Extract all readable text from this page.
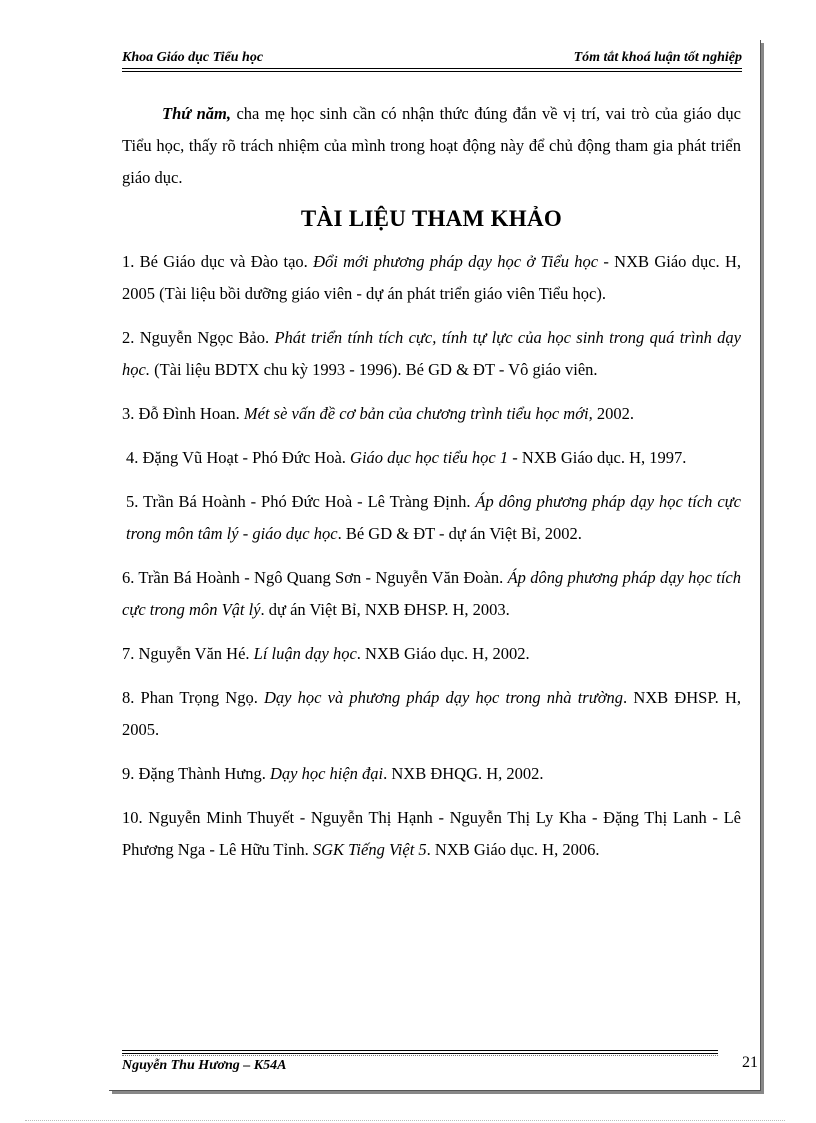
Khoa Giáo dục Tiểu học	Tóm tắt khoá luận tốt nghiệp

Thứ năm, cha mẹ học sinh cần có nhận thức đúng đắn về vị trí, vai trò của giáo dục Tiểu học, thấy rõ trách nhiệm của mình trong hoạt động này để chủ động tham gia phát triển giáo dục.

TÀI LIỆU THAM KHẢO

1. Bé Giáo dục và Đào tạo. Đổi mới phương pháp dạy học ở Tiểu học - NXB Giáo dục. H, 2005 (Tài liệu bồi dưỡng giáo viên - dự án phát triển giáo viên Tiểu học).

2. Nguyễn Ngọc Bảo. Phát triển tính tích cực, tính tự lực của học sinh trong quá trình dạy học. (Tài liệu BDTX chu kỳ 1993 - 1996). Bé GD & ĐT - Vô giáo viên.

3. Đỗ Đình Hoan. Mét sè vấn đề cơ bản của chương trình tiểu học mới, 2002.

4. Đặng Vũ Hoạt - Phó Đức Hoà. Giáo dục học tiểu học 1 - NXB Giáo dục. H, 1997.

5. Trần Bá Hoành - Phó Đức Hoà - Lê Tràng Định. Áp dông phương pháp dạy học tích cực trong môn tâm lý - giáo dục học. Bé GD & ĐT - dự án Việt Bỉ, 2002.

6. Trần Bá Hoành - Ngô Quang Sơn - Nguyễn Văn Đoàn. Áp dông phương pháp dạy học tích cực trong môn Vật lý. dự án Việt Bỉ, NXB ĐHSP. H, 2003.

7. Nguyễn Văn Hé. Lí luận dạy học. NXB Giáo dục. H, 2002.

8. Phan Trọng Ngọ. Dạy học và phương pháp dạy học trong nhà trường. NXB ĐHSP. H, 2005.

9. Đặng Thành Hưng. Dạy học hiện đại. NXB ĐHQG. H, 2002.

10. Nguyễn Minh Thuyết - Nguyễn Thị Hạnh - Nguyễn Thị Ly Kha - Đặng Thị Lanh - Lê Phương Nga - Lê Hữu Tỉnh. SGK Tiếng Việt 5. NXB Giáo dục. H, 2006.

Nguyễn Thu Hương – K54A	21
